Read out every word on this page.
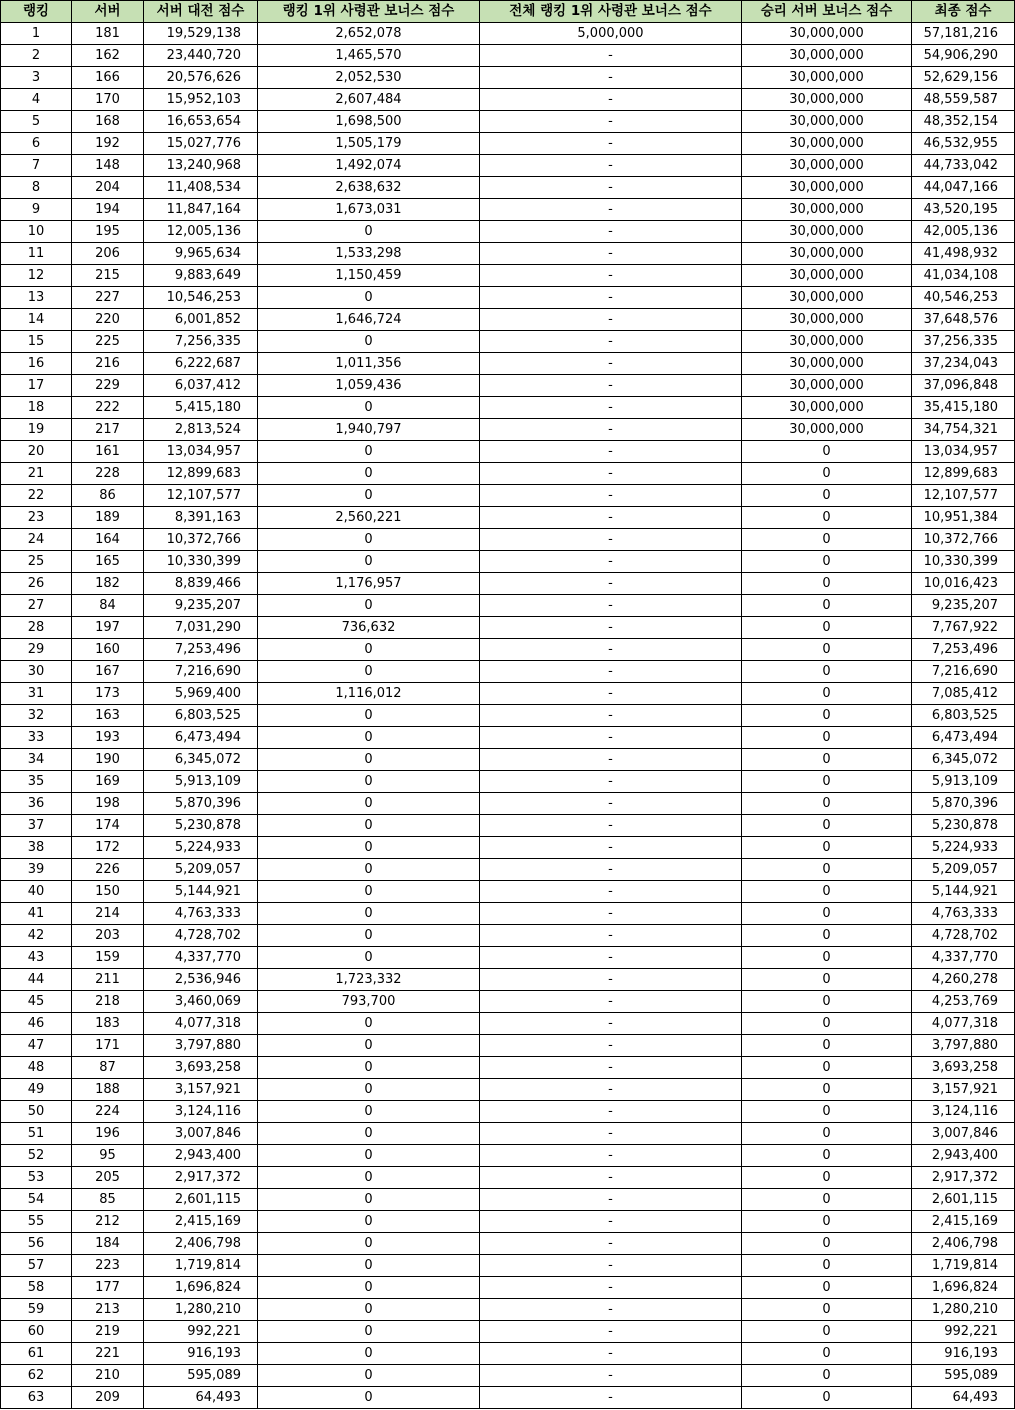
랭킹	서버	서버 대전 점수	랭킹 1위 사령관 보너스 점수	전체 랭킹 1위 사령관 보너스 점수	승리 서버 보너스 점수	최종 점수
1	181	19,529,138	2,652,078	5,000,000	30,000,000	57,181,216
2	162	23,440,720	1,465,570	-	30,000,000	54,906,290
3	166	20,576,626	2,052,530	-	30,000,000	52,629,156
4	170	15,952,103	2,607,484	-	30,000,000	48,559,587
5	168	16,653,654	1,698,500	-	30,000,000	48,352,154
6	192	15,027,776	1,505,179	-	30,000,000	46,532,955
7	148	13,240,968	1,492,074	-	30,000,000	44,733,042
8	204	11,408,534	2,638,632	-	30,000,000	44,047,166
9	194	11,847,164	1,673,031	-	30,000,000	43,520,195
10	195	12,005,136	0	-	30,000,000	42,005,136
11	206	9,965,634	1,533,298	-	30,000,000	41,498,932
12	215	9,883,649	1,150,459	-	30,000,000	41,034,108
13	227	10,546,253	0	-	30,000,000	40,546,253
14	220	6,001,852	1,646,724	-	30,000,000	37,648,576
15	225	7,256,335	0	-	30,000,000	37,256,335
16	216	6,222,687	1,011,356	-	30,000,000	37,234,043
17	229	6,037,412	1,059,436	-	30,000,000	37,096,848
18	222	5,415,180	0	-	30,000,000	35,415,180
19	217	2,813,524	1,940,797	-	30,000,000	34,754,321
20	161	13,034,957	0	-	0	13,034,957
21	228	12,899,683	0	-	0	12,899,683
22	86	12,107,577	0	-	0	12,107,577
23	189	8,391,163	2,560,221	-	0	10,951,384
24	164	10,372,766	0	-	0	10,372,766
25	165	10,330,399	0	-	0	10,330,399
26	182	8,839,466	1,176,957	-	0	10,016,423
27	84	9,235,207	0	-	0	9,235,207
28	197	7,031,290	736,632	-	0	7,767,922
29	160	7,253,496	0	-	0	7,253,496
30	167	7,216,690	0	-	0	7,216,690
31	173	5,969,400	1,116,012	-	0	7,085,412
32	163	6,803,525	0	-	0	6,803,525
33	193	6,473,494	0	-	0	6,473,494
34	190	6,345,072	0	-	0	6,345,072
35	169	5,913,109	0	-	0	5,913,109
36	198	5,870,396	0	-	0	5,870,396
37	174	5,230,878	0	-	0	5,230,878
38	172	5,224,933	0	-	0	5,224,933
39	226	5,209,057	0	-	0	5,209,057
40	150	5,144,921	0	-	0	5,144,921
41	214	4,763,333	0	-	0	4,763,333
42	203	4,728,702	0	-	0	4,728,702
43	159	4,337,770	0	-	0	4,337,770
44	211	2,536,946	1,723,332	-	0	4,260,278
45	218	3,460,069	793,700	-	0	4,253,769
46	183	4,077,318	0	-	0	4,077,318
47	171	3,797,880	0	-	0	3,797,880
48	87	3,693,258	0	-	0	3,693,258
49	188	3,157,921	0	-	0	3,157,921
50	224	3,124,116	0	-	0	3,124,116
51	196	3,007,846	0	-	0	3,007,846
52	95	2,943,400	0	-	0	2,943,400
53	205	2,917,372	0	-	0	2,917,372
54	85	2,601,115	0	-	0	2,601,115
55	212	2,415,169	0	-	0	2,415,169
56	184	2,406,798	0	-	0	2,406,798
57	223	1,719,814	0	-	0	1,719,814
58	177	1,696,824	0	-	0	1,696,824
59	213	1,280,210	0	-	0	1,280,210
60	219	992,221	0	-	0	992,221
61	221	916,193	0	-	0	916,193
62	210	595,089	0	-	0	595,089
63	209	64,493	0	-	0	64,493
